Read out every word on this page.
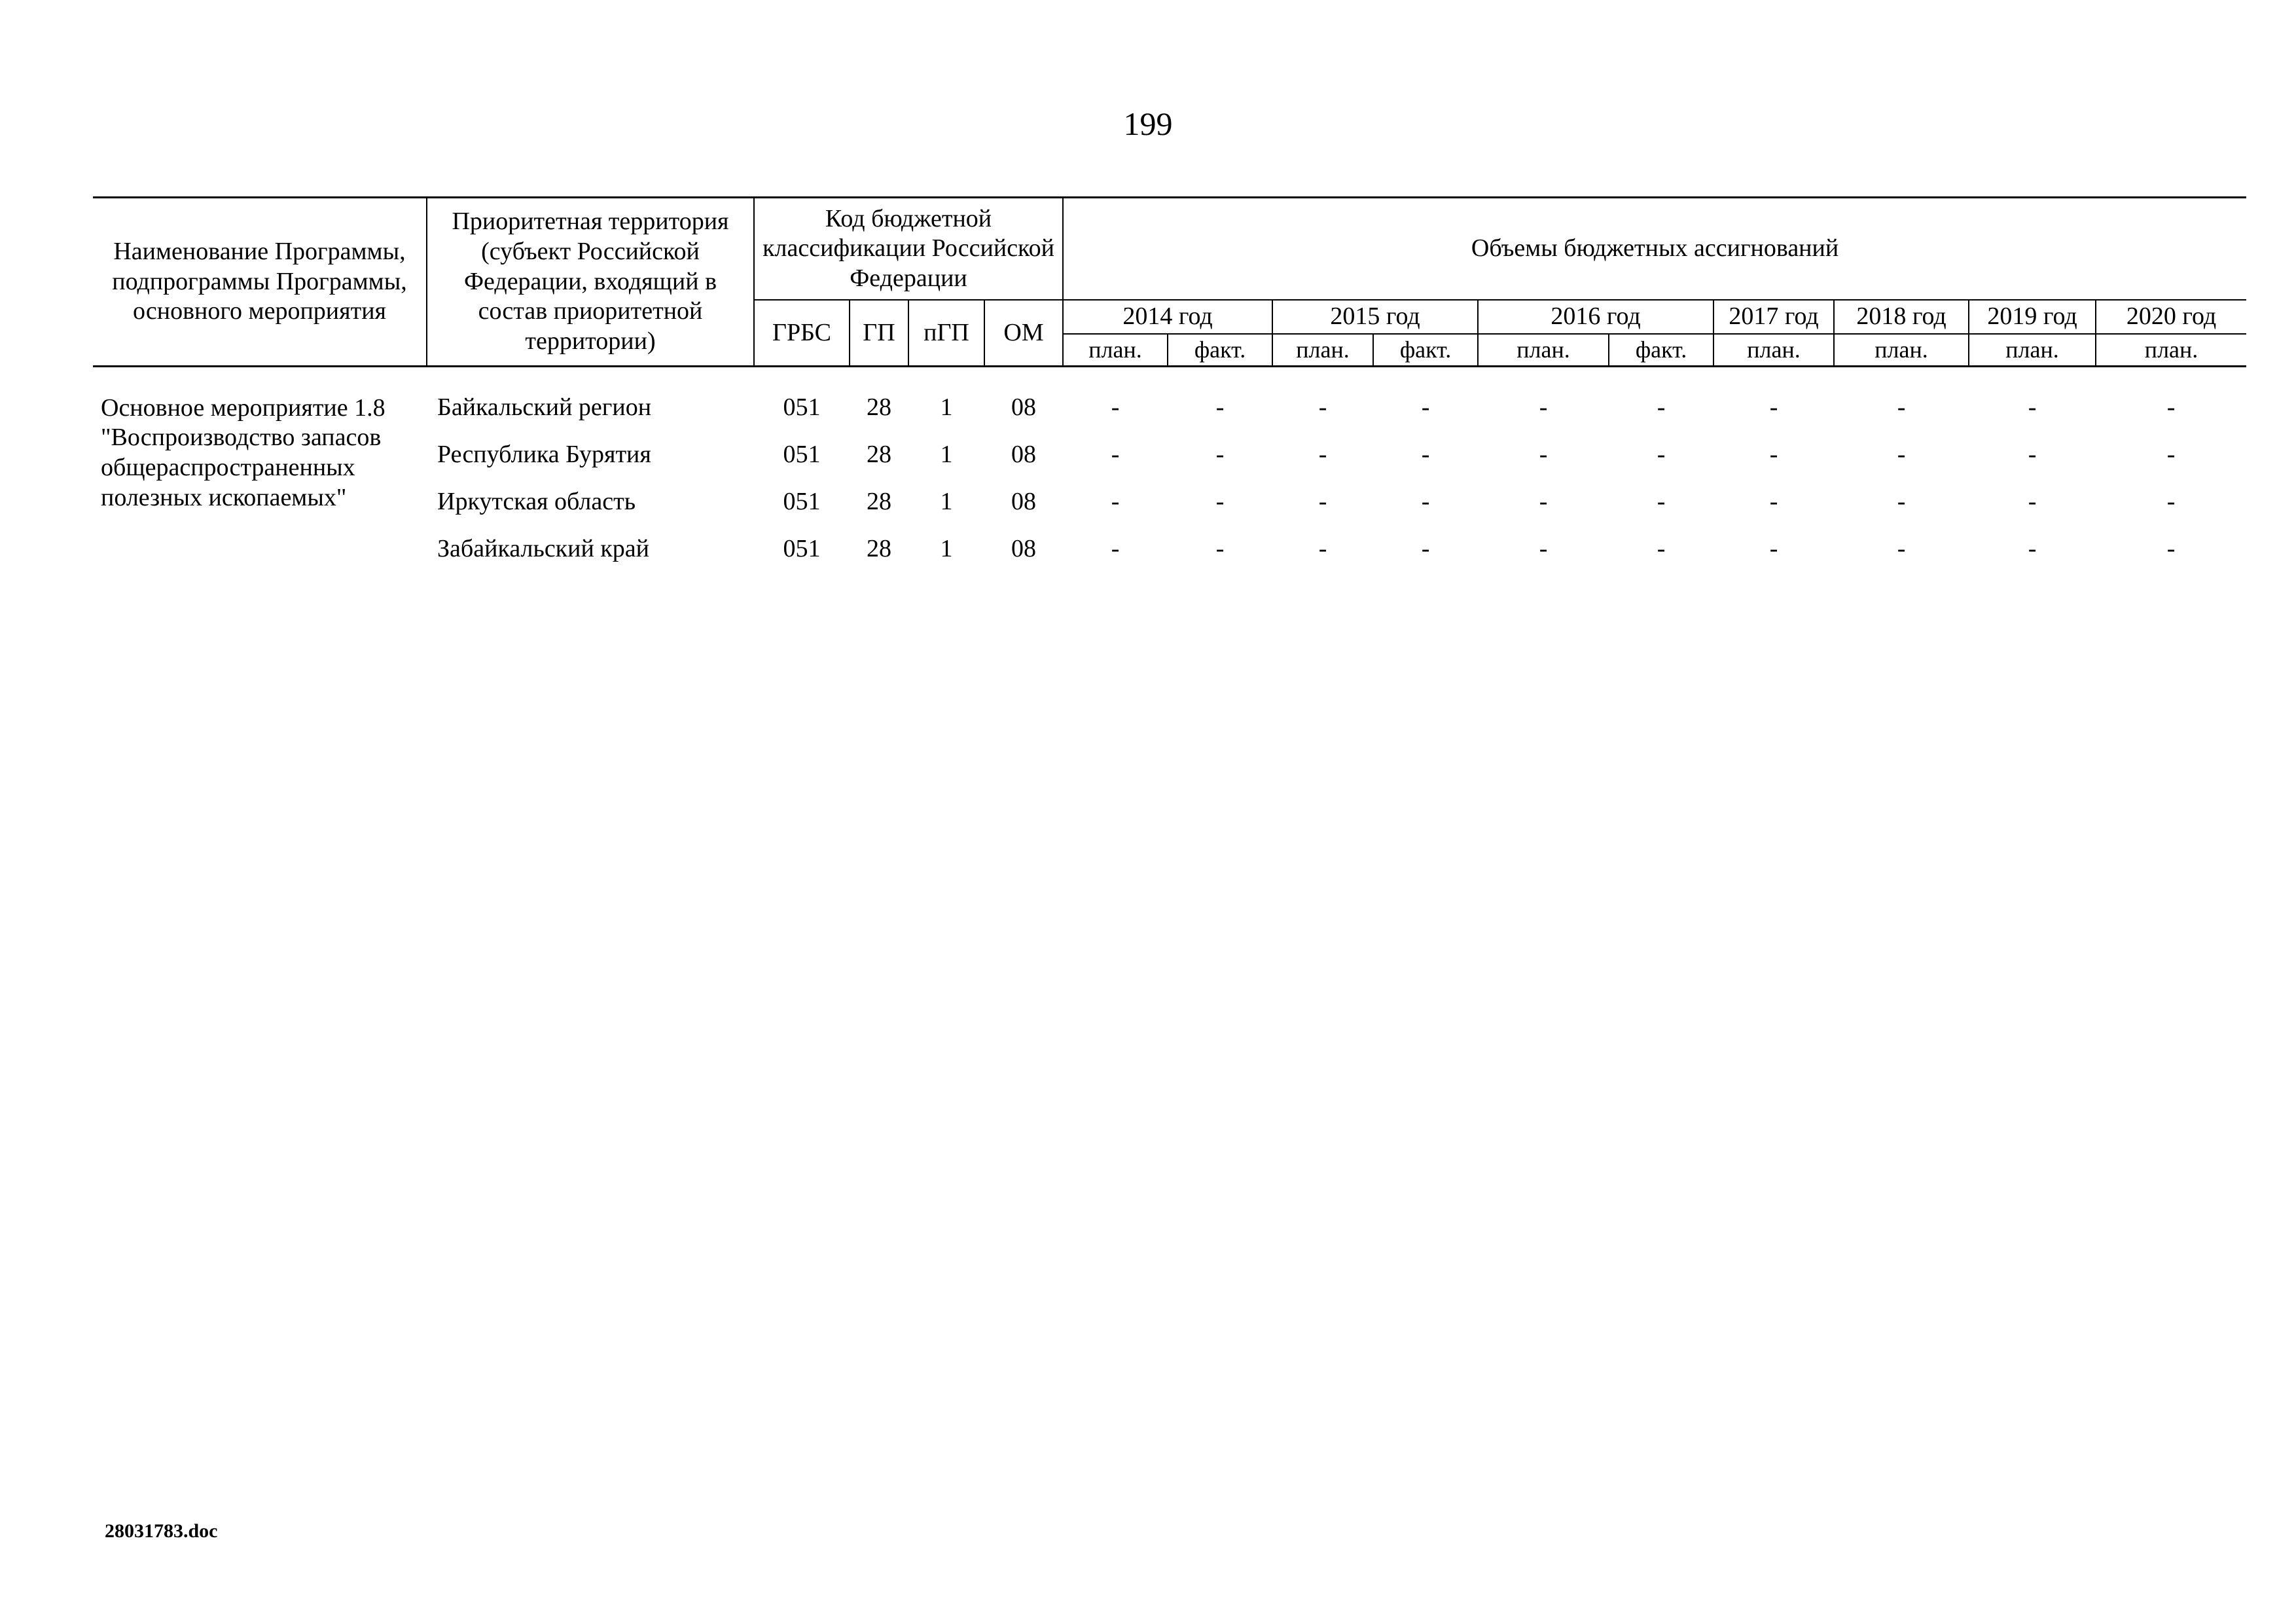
199
Наименование Программы, подпрограммы Программы, основного мероприятия	Приоритетная территория (субъект Российской Федерации, входящий в состав приоритетной территории)	Код бюджетной классификации Российской Федерации				Объемы бюджетных ассигнований									
		ГРБС	ГП	пГП	ОМ	2014 год		2015 год		2016 год		2017 год	2018 год	2019 год	2020 год
						план.	факт.	план.	факт.	план.	факт.	план.	план.	план.	план.

Основное мероприятие 1.8 "Воспроизводство запасов общераспространенных полезных ископаемых"	Байкальский регион	051	28	1	08	-	-	-	-	-	-	-	-	-	-
	Республика Бурятия	051	28	1	08	-	-	-	-	-	-	-	-	-	-
	Иркутская область	051	28	1	08	-	-	-	-	-	-	-	-	-	-
	Забайкальский край	051	28	1	08	-	-	-	-	-	-	-	-	-	-
28031783.doc
